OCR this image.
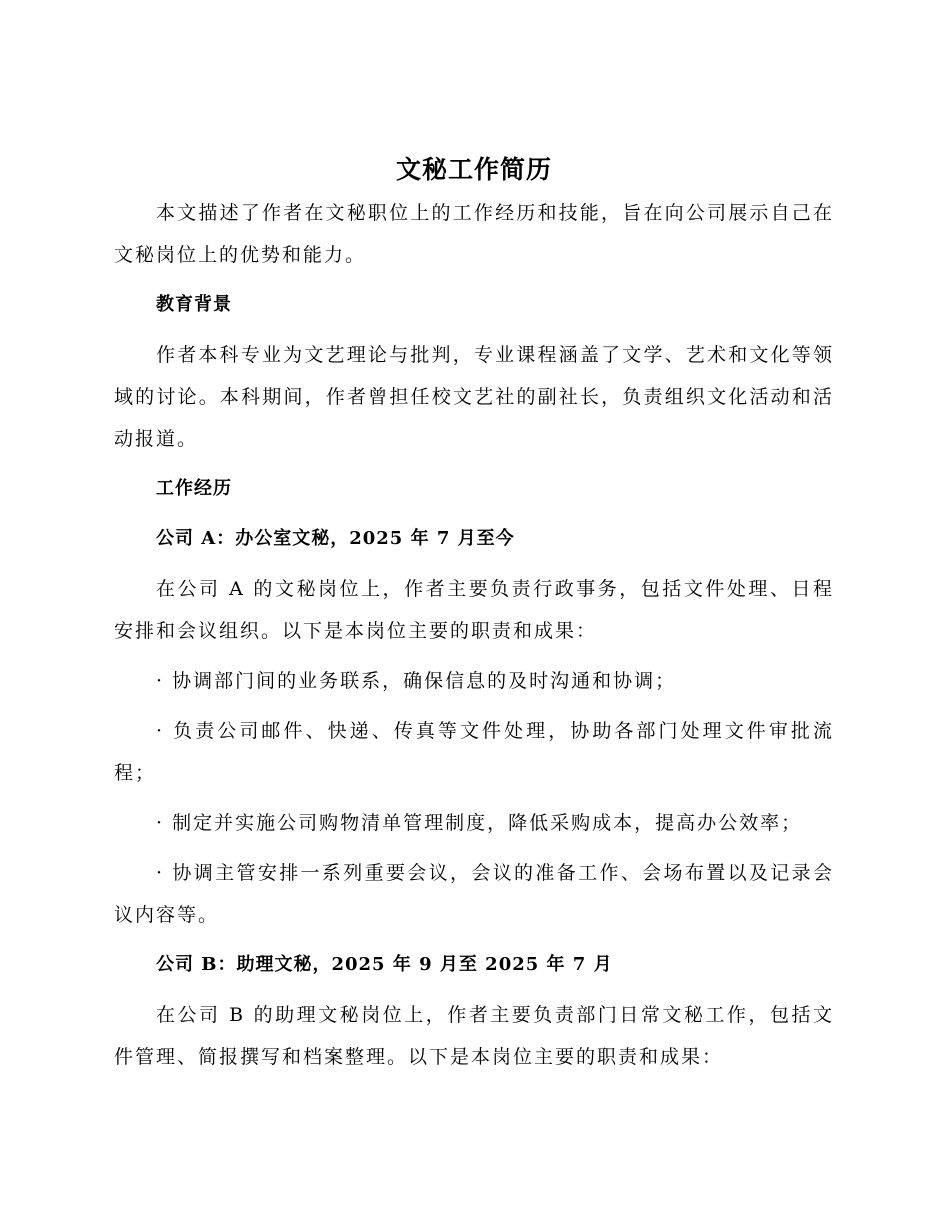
文秘工作简历

本文描述了作者在文秘职位上的工作经历和技能，旨在向公司展示自己在文秘岗位上的优势和能力。

教育背景

作者本科专业为文艺理论与批判，专业课程涵盖了文学、艺术和文化等领域的讨论。本科期间，作者曾担任校文艺社的副社长，负责组织文化活动和活动报道。

工作经历
公司 A：办公室文秘，2025 年 7 月至今

在公司 A 的文秘岗位上，作者主要负责行政事务，包括文件处理、日程安排和会议组织。以下是本岗位主要的职责和成果：

· 协调部门间的业务联系，确保信息的及时沟通和协调；

· 负责公司邮件、快递、传真等文件处理，协助各部门处理文件审批流程；

· 制定并实施公司购物清单管理制度，降低采购成本，提高办公效率；

· 协调主管安排一系列重要会议，会议的准备工作、会场布置以及记录会议内容等。

公司 B：助理文秘，2025 年 9 月至 2025 年 7 月

在公司 B 的助理文秘岗位上，作者主要负责部门日常文秘工作，包括文件管理、简报撰写和档案整理。以下是本岗位主要的职责和成果：
